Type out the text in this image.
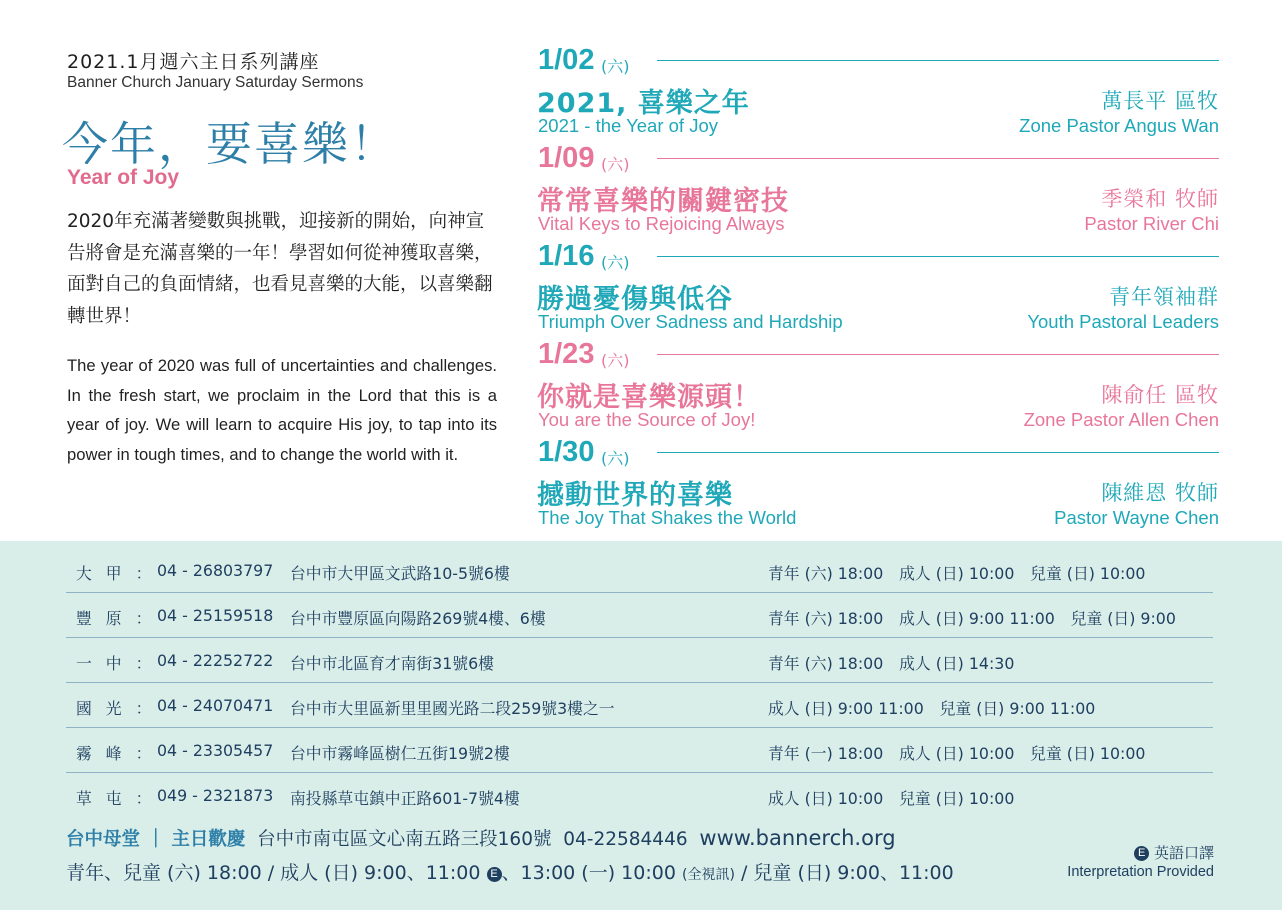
2021.1月週六主日系列講座
Banner Church January Saturday Sermons
今年，要喜樂！
Year of Joy
2020年充滿著變數與挑戰，迎接新的開始，向神宣告將會是充滿喜樂的一年！學習如何從神獲取喜樂，面對自己的負面情緒，也看見喜樂的大能，以喜樂翻轉世界！
The year of 2020 was full of uncertainties and challenges. In the fresh start, we proclaim in the Lord that this is a year of joy. We will learn to acquire His joy, to tap into its power in tough times, and to change the world with it.
1/02 (六)
2021, 喜樂之年
2021 - the Year of Joy
萬長平 區牧
Zone Pastor Angus Wan
1/09 (六)
常常喜樂的關鍵密技
Vital Keys to Rejoicing Always
季榮和 牧師
Pastor River Chi
1/16 (六)
勝過憂傷與低谷
Triumph Over Sadness and Hardship
青年領袖群
Youth Pastoral Leaders
1/23 (六)
你就是喜樂源頭！
You are the Source of Joy!
陳俞任 區牧
Zone Pastor Allen Chen
1/30 (六)
撼動世界的喜樂
The Joy That Shakes the World
陳維恩 牧師
Pastor Wayne Chen
大甲：
04 - 26803797 台中市大甲區文武路10-5號6樓	青年 (六) 18:00　成人 (日) 10:00　兒童 (日) 10:00
豐原：
04 - 25159518 台中市豐原區向陽路269號4樓、6樓	青年 (六) 18:00　成人 (日) 9:00 11:00　兒童 (日) 9:00
一中：
04 - 22252722 台中市北區育才南街31號6樓	青年 (六) 18:00　成人 (日) 14:30
國光：
04 - 24070471 台中市大里區新里里國光路二段259號3樓之一	成人 (日) 9:00 11:00　兒童 (日) 9:00 11:00
霧峰：
04 - 23305457 台中市霧峰區樹仁五街19號2樓	青年 (一) 18:00　成人 (日) 10:00　兒童 (日) 10:00
草屯：
049 - 2321873 南投縣草屯鎮中正路601-7號4樓	成人 (日) 10:00　兒童 (日) 10:00
台中母堂 ｜ 主日歡慶 台中市南屯區文心南五路三段160號 04-22584446 www.bannerch.org
青年、兒童 (六) 18:00 / 成人 (日) 9:00、11:00 E 、13:00 (一) 10:00 (全視訊) / 兒童 (日) 9:00、11:00
E 英語口譯
Interpretation Provided
